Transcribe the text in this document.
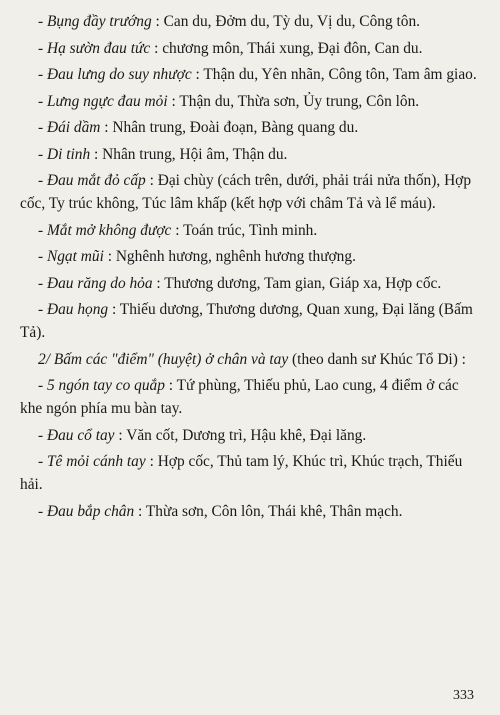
- Bụng đầy trướng : Can du, Đởm du, Tỳ du, Vị du, Công tôn.

- Hạ sườn đau tức : chương môn, Thái xung, Đại đôn, Can du.

- Đau lưng do suy nhược : Thận du, Yên nhãn, Công tôn, Tam âm giao.

- Lưng ngực đau mỏi : Thận du, Thừa sơn, Ủy trung, Côn lôn.

- Đái dầm : Nhân trung, Đoài đoạn, Bàng quang du.

- Di tinh : Nhân trung, Hội âm, Thận du.

- Đau mắt đỏ cấp : Đại chùy (cách trên, dưới, phải trái nửa thốn), Hợp cốc, Ty trúc không, Túc lâm khấp (kết hợp với châm Tả và lể máu).

- Mắt mở không được : Toán trúc, Tình minh.

- Ngạt mũi : Nghênh hương, nghênh hương thượng.

- Đau răng do hỏa : Thương dương, Tam gian, Giáp xa, Hợp cốc.

- Đau họng : Thiếu dương, Thương dương, Quan xung, Đại lăng (Bấm Tả).

2/ Bấm các "điểm" (huyệt) ở chân và tay (theo danh sư Khúc Tổ Di) :

- 5 ngón tay co quắp : Tứ phùng, Thiếu phủ, Lao cung, 4 điểm ở các khe ngón phía mu bàn tay.

- Đau cổ tay : Văn cốt, Dương trì, Hậu khê, Đại lăng.

- Tê mỏi cánh tay : Hợp cốc, Thủ tam lý, Khúc trì, Khúc trạch, Thiếu hải.

- Đau bắp chân : Thừa sơn, Côn lôn, Thái khê, Thân mạch.

333
